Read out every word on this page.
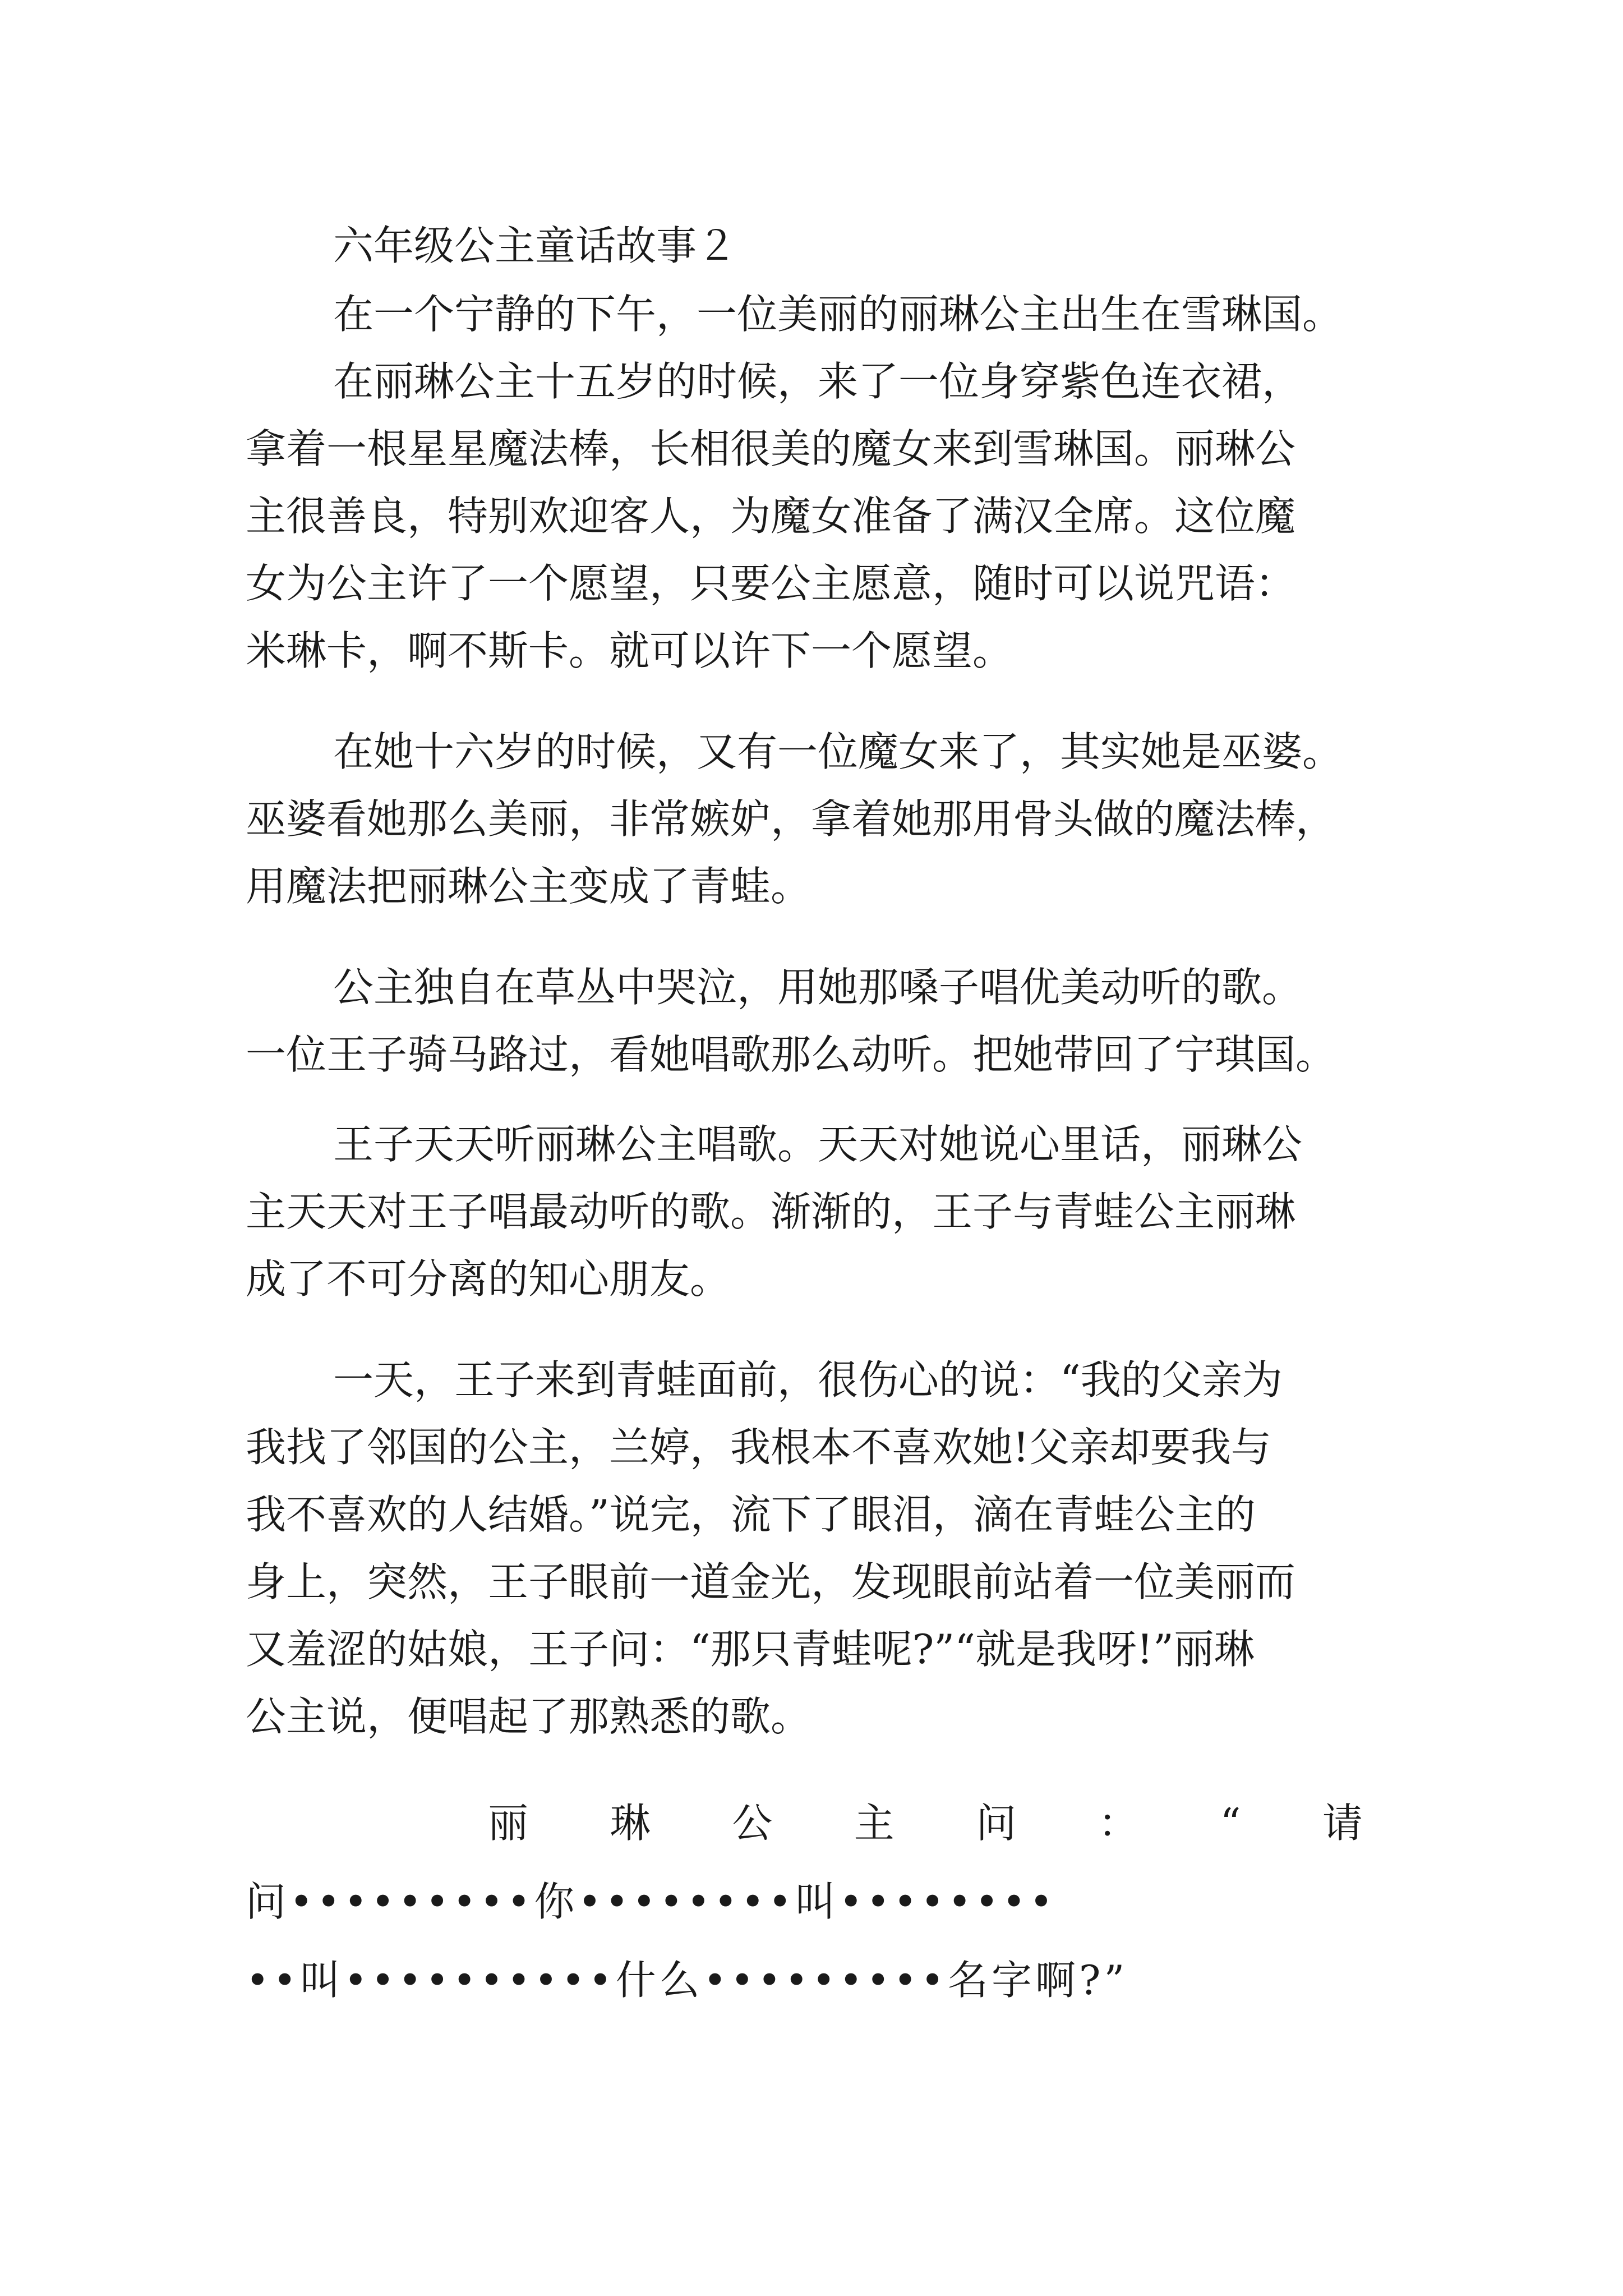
六年级公主童话故事２
在一个宁静的下午，一位美丽的丽琳公主出生在雪琳国。
在丽琳公主十五岁的时候，来了一位身穿紫色连衣裙，
拿着一根星星魔法棒，长相很美的魔女来到雪琳国。丽琳公
主很善良，特别欢迎客人，为魔女准备了满汉全席。这位魔
女为公主许了一个愿望，只要公主愿意，随时可以说咒语：
米琳卡，啊不斯卡。就可以许下一个愿望。
在她十六岁的时候，又有一位魔女来了，其实她是巫婆。
巫婆看她那么美丽，非常嫉妒，拿着她那用骨头做的魔法棒，
用魔法把丽琳公主变成了青蛙。
公主独自在草丛中哭泣，用她那嗓子唱优美动听的歌。
一位王子骑马路过，看她唱歌那么动听。把她带回了宁琪国。
王子天天听丽琳公主唱歌。天天对她说心里话，丽琳公
主天天对王子唱最动听的歌。渐渐的，王子与青蛙公主丽琳
成了不可分离的知心朋友。
一天，王子来到青蛙面前，很伤心的说：“我的父亲为
我找了邻国的公主，兰婷，我根本不喜欢她!父亲却要我与
我不喜欢的人结婚。”说完，流下了眼泪，滴在青蛙公主的
身上，突然，王子眼前一道金光，发现眼前站着一位美丽而
又羞涩的姑娘，王子问：“那只青蛙呢?”“就是我呀!”丽琳
公主说，便唱起了那熟悉的歌。
丽 琳 公 主 问 ： “ 请
问•••••••••你••••••••叫••••••••
••叫••••••••••什么•••••••••名字啊?”
